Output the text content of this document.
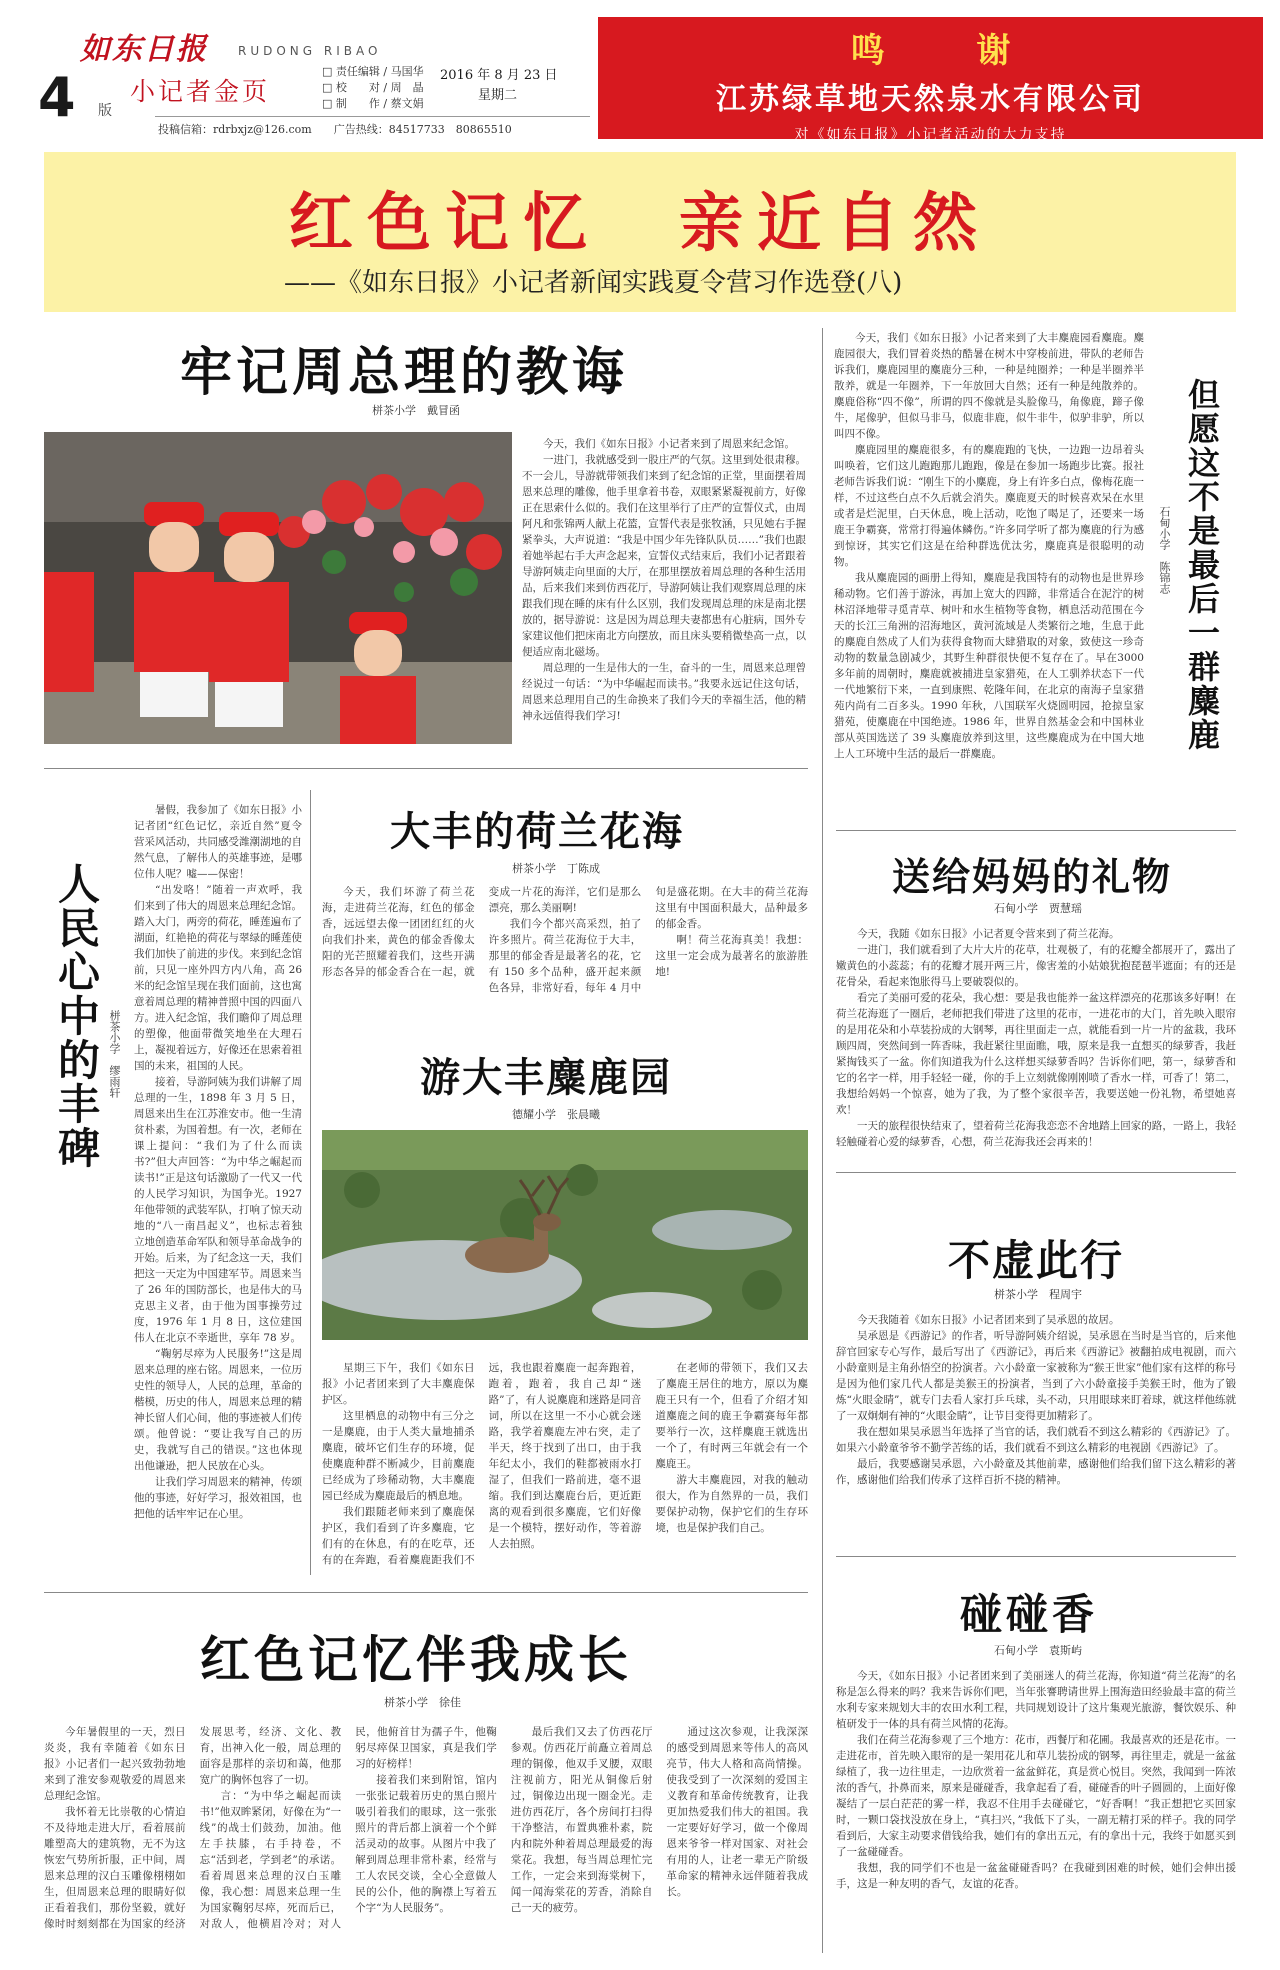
如东日报	RUDONG RIBAO
4 版
小记者金页
□ 责任编辑 / 马国华
□ 校　　对 / 周　晶
□ 制　　作 / 蔡文娟
2016 年 8 月 23 日
星期二
投稿信箱：rdrbxjz@126.com　　广告热线：84517733　80865510
鸣 谢
江苏绿草地天然泉水有限公司
对《如东日报》小记者活动的大力支持
红色记忆　亲近自然
——《如东日报》小记者新闻实践夏令营习作选登(八)
牢记周总理的教诲
栟茶小学　戴冒函

今天，我们《如东日报》小记者来到了周恩来纪念馆。

一进门，我就感受到一股庄严的气氛。这里到处很肃穆。不一会儿，导游就带领我们来到了纪念馆的正堂，里面摆着周恩来总理的雕像，他手里拿着书卷，双眼紧紧凝视前方，好像正在思索什么似的。我们在这里举行了庄严的宣誓仪式，由周阿凡和张锦两人献上花篮，宣誓代表是张牧涵，只见她右手握紧拳头，大声说道：“我是中国少年先锋队队员……”我们也跟着她举起右手大声念起来，宣誓仪式结束后，我们小记者跟着导游阿姨走向里面的大厅，在那里摆放着周总理的各种生活用品，后来我们来到仿西花厅，导游阿姨让我们观察周总理的床跟我们现在睡的床有什么区别，我们发现周总理的床是南北摆放的，据导游说：这是因为周总理夫妻都患有心脏病，国外专家建议他们把床南北方向摆放，而且床头要稍微垫高一点，以便适应南北磁场。

周总理的一生是伟大的一生，奋斗的一生，周恩来总理曾经说过一句话：“为中华崛起而读书。”我要永远记住这句话，周恩来总理用自己的生命换来了我们今天的幸福生活，他的精神永远值得我们学习!

人民心中的丰碑 栟茶小学　缪雨轩

暑假，我参加了《如东日报》小记者团“红色记忆，亲近自然”夏令营采风活动，共同感受潍潮湖地的自然气息，了解伟人的英雄事迹，是哪位伟人呢？嘘——保密！

“出发咯！”随着一声欢呼，我们来到了伟大的周恩来总理纪念馆。踏入大门，两旁的荷花，睡莲遍布了湖面，红艳艳的荷花与翠绿的睡莲使我们加快了前进的步伐。来到纪念馆前，只见一座外四方内八角，高 26 米的纪念馆呈现在我们面前，这也寓意着周总理的精神普照中国的四面八方。进入纪念馆，我们瞻仰了周总理的塑像，他面带微笑地坐在大理石上，凝视着远方，好像还在思索着祖国的未来，祖国的人民。

接着，导游阿姨为我们讲解了周总理的一生，1898 年 3 月 5 日，周恩来出生在江苏淮安市。他一生清贫朴素，为国着想。有一次，老师在课上提问：“我们为了什么而读书?”但大声回答：“为中华之崛起而读书!”正是这句话激励了一代又一代的人民学习知识，为国争光。1927 年他带领的武装军队，打响了惊天动地的“八一南昌起义”，也标志着独立地创造革命军队和领导革命战争的开始。后来，为了纪念这一天，我们把这一天定为中国建军节。周恩来当了 26 年的国防部长，也是伟大的马克思主义者，由于他为国事操劳过度，1976 年 1 月 8 日，这位建国伟人在北京不幸逝世，享年 78 岁。

“鞠躬尽瘁为人民服务!”这是周恩来总理的座右铭。周恩来，一位历史性的领导人，人民的总理，革命的楷模，历史的伟人，周恩来总理的精神长留人们心间，他的事迹被人们传颂。他曾说：“要让我写自己的历史，我就写自己的错误。”这也体现出他谦逊，把人民放在心头。

让我们学习周恩来的精神，传颂他的事迹，好好学习，报效祖国，也把他的话牢牢记在心里。

大丰的荷兰花海
栟茶小学　丁陈成

今天，我们坏游了荷兰花海，走进荷兰花海，红色的郁金香，远远望去像一团团红红的火向我们扑来，黄色的郁金香像太阳的光芒照耀着我们，这些开满形态各异的郁金香合在一起，就变成一片花的海洋，它们是那么漂亮，那么美丽啊!

我们今个都兴高采烈，拍了许多照片。荷兰花海位于大丰，那里的郁金香是最著名的花，它有 150 多个品种，盛开起来颜色各异，非常好看，每年 4 月中旬是盛花期。在大丰的荷兰花海这里有中国面积最大，品种最多的郁金香。

啊！荷兰花海真美！我想：这里一定会成为最著名的旅游胜地!

游大丰麋鹿园
德耀小学　张晨曦

星期三下午，我们《如东日报》小记者团来到了大丰麋鹿保护区。

这里栖息的动物中有三分之一是麋鹿，由于人类大量地捕杀麋鹿，破坏它们生存的环境，促使麋鹿种群不断减少，目前麋鹿已经成为了珍稀动物，大丰麋鹿园已经成为麋鹿最后的栖息地。

我们跟随老师来到了麋鹿保护区，我们看到了许多麋鹿，它们有的在休息，有的在吃草，还有的在奔跑，看着麋鹿距我们不远，我也跟着麋鹿一起奔跑着，跑着，跑着，我自己却“迷路”了，有人说麋鹿和迷路是同音词，所以在这里一不小心就会迷路，我学着麋鹿左冲右突，走了半天，终于找到了出口，由于我年纪太小，我们的鞋都被雨水打湿了，但我们一路前进，毫不退缩。我们到达麋鹿台后，更近距离的观看到很多麋鹿，它们好像是一个模特，摆好动作，等着游人去拍照。

在老师的带领下，我们又去了麋鹿王居住的地方，原以为麋鹿王只有一个，但看了介绍才知道麋鹿之间的鹿王争霸赛每年都要举行一次，这样麋鹿王就选出一个了，有时两三年就会有一个麋鹿王。

游大丰麋鹿园，对我的触动很大，作为自然界的一员，我们要保护动物，保护它们的生存环境，也是保护我们自己。

红色记忆伴我成长
栟茶小学　徐佳

今年暑假里的一天，烈日炎炎，我有幸随着《如东日报》小记者们一起兴致勃勃地来到了淮安参观敬爱的周恩来总理纪念馆。

我怀着无比崇敬的心情迫不及待地走进大厅，看着展前雕塑高大的建筑物，无不为这恢宏气势所折服，正中间，周恩来总理的汉白玉雕像栩栩如生，但周恩来总理的眼睛好似正看着我们，那份坚毅，就好像时时刻刻都在为国家的经济发展思考，经济、文化、教育，出神入化一般，周总理的面容是那样的亲切和蔼，他那宽广的胸怀包容了一切。

言：“为中华之崛起而读书!”他双眸紧闭，好像在为“一线”的战士们鼓劲，加油。他左手扶膝，右手持卷，不忘“活到老，学到老”的承诺。看着周恩来总理的汉白玉雕像，我心想：周恩来总理一生为国家鞠躬尽瘁，死而后已，对敌人，他横眉冷对；对人民，他俯首甘为孺子牛，他鞠躬尽瘁保卫国家，真是我们学习的好榜样！

接着我们来到附馆，馆内一张张记载着历史的黑白照片吸引着我们的眼球，这一张张照片的背后都上演着一个个鲜活灵动的故事。从图片中我了解到周总理非常朴素，经常与工人农民交谈，全心全意做人民的公仆，他的胸襟上写着五个字“为人民服务”。

最后我们又去了仿西花厅参观。仿西花厅前矗立着周总理的铜像，他双手叉腰，双眼注视前方，阳光从铜像后射过，铜像边出现一圈金光。走进仿西花厅，各个房间打扫得干净整洁，布置典雅朴素，院内和院外种着周总理最爱的海棠花。我想，每当周总理忙完工作，一定会来到海棠树下，闻一闻海棠花的芳香，消除自己一天的疲劳。

通过这次参观，让我深深的感受到周恩来等伟人的高风亮节，伟大人格和高尚情操。使我受到了一次深刻的爱国主义教育和革命传统教育，让我更加热爱我们伟大的祖国。我一定要好好学习，做一个像周恩来爷爷一样对国家、对社会有用的人，让老一辈无产阶级革命家的精神永远伴随着我成长。

今天，我们《如东日报》小记者来到了大丰麋鹿园看麋鹿。麋鹿园很大，我们冒着炎热的酷暑在树木中穿梭前进，带队的老师告诉我们，麋鹿园里的麋鹿分三种，一种是纯圈养；一种是半圈养半散养，就是一年圈养，下一年放回大自然；还有一种是纯散养的。麋鹿俗称“四不像”，所谓的四不像就是头脸像马，角像鹿，蹄子像牛，尾像驴，但似马非马，似鹿非鹿，似牛非牛，似驴非驴，所以叫四不像。

麋鹿园里的麋鹿很多，有的麋鹿跑的飞快，一边跑一边昂着头叫唤着，它们这儿跑跑那儿跑跑，像是在参加一场跑步比赛。报社老师告诉我们说：“刚生下的小麋鹿，身上有许多白点，像梅花鹿一样，不过这些白点不久后就会消失。麋鹿夏天的时候喜欢呆在水里或者是烂泥里，白天休息，晚上活动，吃饱了喝足了，还要来一场鹿王争霸赛，常常打得遍体鳞伤。”许多同学听了都为麋鹿的行为感到惊讶，其实它们这是在给种群选优汰劣，麋鹿真是很聪明的动物。

我从麋鹿园的画册上得知，麋鹿是我国特有的动物也是世界珍稀动物。它们善于游泳，再加上宽大的四蹄，非常适合在泥泞的树林沼泽地带寻觅青草、树叶和水生植物等食物，栖息活动范围在今天的长江三角洲的沼海地区，黄河流域是人类繁衍之地，生息于此的麋鹿自然成了人们为获得食物而大肆猎取的对象，致使这一珍奇动物的数量急剧减少，其野生种群很快便不复存在了。早在3000 多年前的周朝时，麋鹿就被捕进皇家猎苑，在人工驯养状态下一代一代地繁衍下来，一直到康熙、乾隆年间，在北京的南海子皇家猎苑内尚有二百多头。1990 年秋，八国联军火烧圆明园，抢掠皇家猎苑，使麋鹿在中国绝迹。1986 年，世界自然基金会和中国林业部从英国选送了 39 头麋鹿放养到这里，这些麋鹿成为在中国大地上人工环境中生活的最后一群麋鹿。

石甸小学　陈锦志 但愿这不是最后一群麋鹿
送给妈妈的礼物
石甸小学　贾慧瑶

今天，我随《如东日报》小记者夏令营来到了荷兰花海。

一进门，我们就看到了大片大片的花草，壮观极了，有的花瓣全都展开了，露出了嫩黄色的小蕊蕊；有的花瓣才展开两三片，像害羞的小姑娘犹抱琵琶半遮面；有的还是花骨朵，看起来饱胀得马上要破裂似的。

看完了美丽可爱的花朵，我心想：要是我也能养一盆这样漂亮的花那该多好啊！在荷兰花海逛了一圈后，老师把我们带进了这里的花市，一进花市的大门，首先映入眼帘的是用花朵和小草装扮成的大钢琴，再往里面走一点，就能看到一片一片的盆栽，我环顾四周，突然间到一阵香味，我赶紧往里面瞧，哦，原来是我一直想买的绿萝香，我赶紧掏钱买了一盆。你们知道我为什么这样想买绿萝香吗？告诉你们吧，第一，绿萝香和它的名字一样，用手轻轻一碰，你的手上立刻就像刚刚喷了香水一样，可香了！第二，我想给妈妈一个惊喜，她为了我，为了整个家很辛苦，我要送她一份礼物，希望她喜欢！

一天的旅程很快结束了，望着荷兰花海我恋恋不舍地踏上回家的路，一路上，我轻轻触碰着心爱的绿萝香，心想，荷兰花海我还会再来的！

不虚此行
栟茶小学　程周宇

今天我随着《如东日报》小记者团来到了吴承恩的故居。

吴承恩是《西游记》的作者，听导游阿姨介绍说，吴承恩在当时是当官的，后来他辞官回家专心写作，最后写出了《西游记》，再后来《西游记》被翻拍成电视剧，而六小龄童则是主角孙悟空的扮演者。六小龄童一家被称为“猴王世家”他们家有这样的称号是因为他们家几代人都是美猴王的扮演者，当到了六小龄童接手美猴王时，他为了锻炼“火眼金睛”，就专门去看人家打乒乓球，头不动，只用眼球来盯着球，就这样他练就了一双炯炯有神的“火眼金睛”，让节目变得更加精彩了。

我在想如果吴承恩当年选择了当官的话，我们就看不到这么精彩的《西游记》了。如果六小龄童爷爷不勤学苦练的话，我们就看不到这么精彩的电视剧《西游记》了。

最后，我要感谢吴承恩，六小龄童及其他前辈，感谢他们给我们留下这么精彩的著作，感谢他们给我们传承了这样百折不挠的精神。

碰碰香
石甸小学　袁斯屿

今天，《如东日报》小记者团来到了美丽迷人的荷兰花海，你知道“荷兰花海”的名称是怎么得来的吗？我来告诉你们吧，当年张謇聘请世界上围海造田经验最丰富的荷兰水利专家来规划大丰的农田水利工程，共同规划设计了这片集观光旅游，餐饮娱乐、种植研发于一体的具有荷兰风情的花海。

我们在荷兰花海参观了三个地方：花市，西餐厅和花圃。我最喜欢的还是花市。一走进花市，首先映入眼帘的是一架用花儿和草儿装扮成的钢琴，再往里走，就是一盆盆绿植了，我一边往里走，一边欣赏着一盆盆鲜花，真是赏心悦目。突然，我闻到一阵浓浓的香气，扑鼻而来，原来是碰碰香，我拿起看了看，碰碰香的叶子圆圆的，上面好像凝结了一层白茫茫的雾一样，我忍不住用手去碰碰它，“好香啊！”我正想把它买回家时，一颗口袋找没放在身上，“真扫兴，”我低下了头，一副无精打采的样子。我的同学看到后，大家主动要求借钱给我，她们有的拿出五元，有的拿出十元，我终于如愿买到了一盆碰碰香。

我想，我的同学们不也是一盆盆碰碰香吗？在我碰到困难的时候，她们会伸出援手，这是一种友明的香气，友谊的花香。
